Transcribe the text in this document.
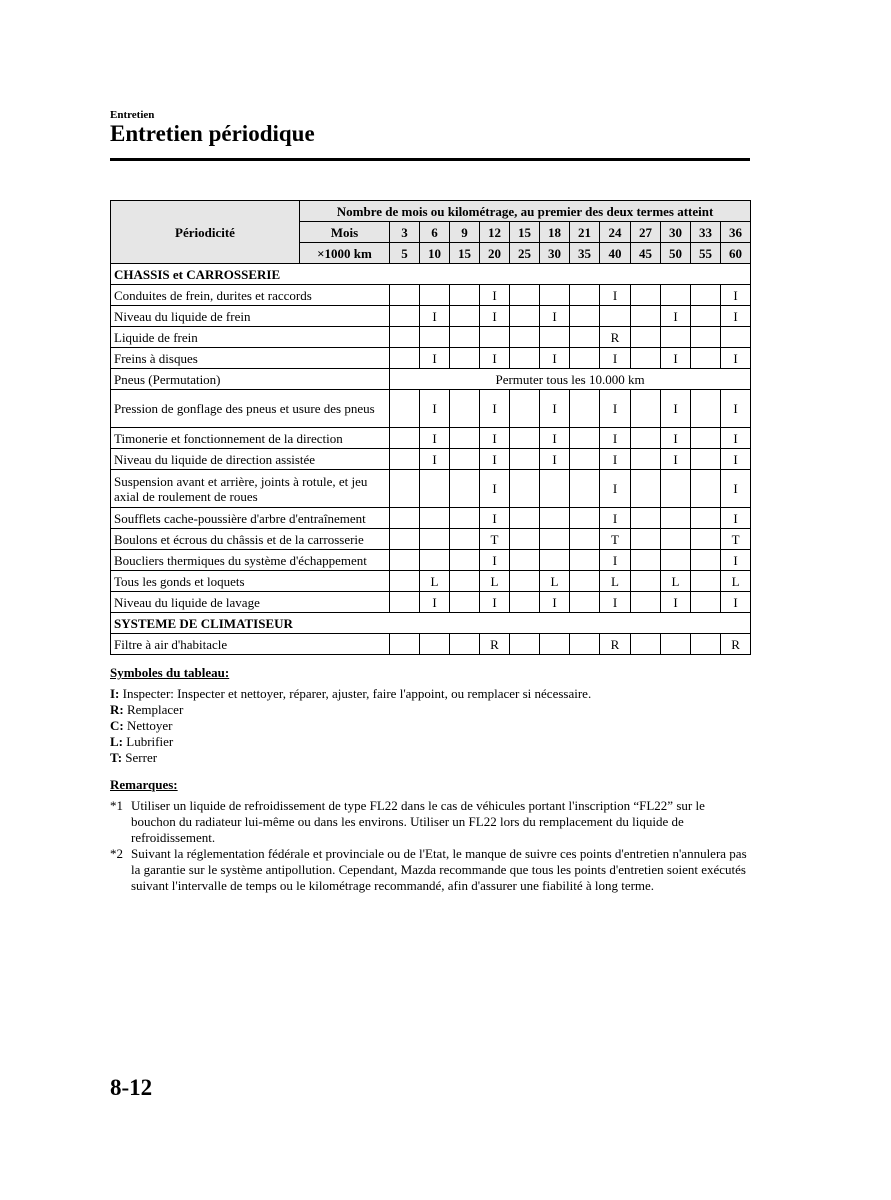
Entretien
Entretien périodique
Périodicité	Nombre de mois ou kilométrage, au premier des deux termes atteint												
	Mois	3	6	9	12	15	18	21	24	27	30	33	36
	×1000 km	5	10	15	20	25	30	35	40	45	50	55	60
CHASSIS et CARROSSERIE													
Conduites de frein, durites et raccords					I				I				I
Niveau du liquide de frein			I		I		I				I		I
Liquide de frein									R				
Freins à disques			I		I		I		I		I		I
Pneus (Permutation)		Permuter tous les 10.000 km											
Pression de gonflage des pneus et usure des pneus			I		I		I		I		I		I
Timonerie et fonctionnement de la direction			I		I		I		I		I		I
Niveau du liquide de direction assistée			I		I		I		I		I		I
Suspension avant et arrière, joints à rotule, et jeu axial de roulement de roues					I				I				I
Soufflets cache-poussière d'arbre d'entraînement					I				I				I
Boulons et écrous du châssis et de la carrosserie					T				T				T
Boucliers thermiques du système d'échappement					I				I				I
Tous les gonds et loquets			L		L		L		L		L		L
Niveau du liquide de lavage			I		I		I		I		I		I
SYSTEME DE CLIMATISEUR													
Filtre à air d'habitacle					R				R				R
Symboles du tableau:
I: Inspecter: Inspecter et nettoyer, réparer, ajuster, faire l'appoint, ou remplacer si nécessaire.
R: Remplacer
C: Nettoyer
L: Lubrifier
T: Serrer
Remarques:
*1 Utiliser un liquide de refroidissement de type FL22 dans le cas de véhicules portant l'inscription “FL22” sur le bouchon du radiateur lui-même ou dans les environs. Utiliser un FL22 lors du remplacement du liquide de refroidissement.
*2 Suivant la réglementation fédérale et provinciale ou de l'Etat, le manque de suivre ces points d'entretien n'annulera pas la garantie sur le système antipollution. Cependant, Mazda recommande que tous les points d'entretien soient exécutés suivant l'intervalle de temps ou le kilométrage recommandé, afin d'assurer une fiabilité à long terme.
8-12
